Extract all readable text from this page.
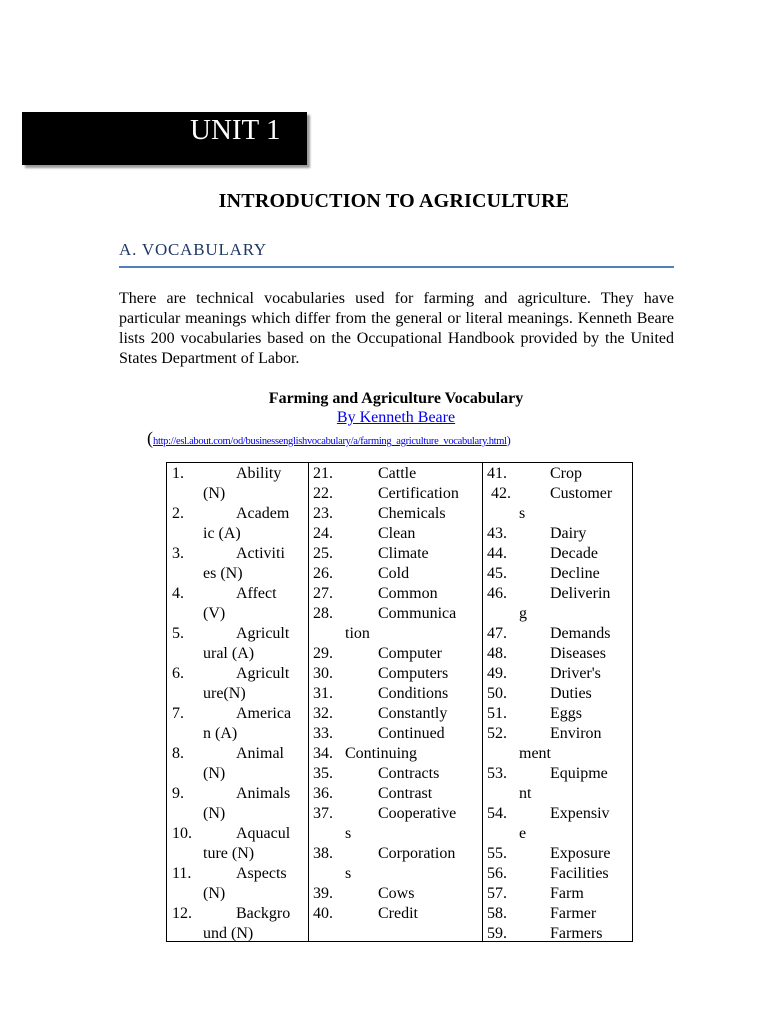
UNIT 1
INTRODUCTION TO AGRICULTURE
A. VOCABULARY

There are technical vocabularies used for farming and agriculture. They have particular meanings which differ from the general or literal meanings. Kenneth Beare lists 200 vocabularies based on the Occupational Handbook provided by the United States Department of Labor.

Farming and Agriculture Vocabulary
By Kenneth Beare
(http://esl.about.com/od/businessenglishvocabulary/a/farming_agriculture_vocabulary.html)
1.	Ability
(N)
2.	Academ
ic (A)
3.	Activiti
es (N)
4.	Affect
(V)
5.	Agricult
ural (A)
6.	Agricult
ure(N)
7.	America
n (A)
8.	Animal
(N)
9.	Animals
(N)
10.	Aquacul
ture (N)
11.	Aspects
(N)
12.	Backgro
und (N)
21.	Cattle
22.	Certification
23.	Chemicals
24.	Clean
25.	Climate
26.	Cold
27.	Common
28.	Communica
tion
29.	Computer
30.	Computers
31.	Conditions
32.	Constantly
33.	Continued
34. Continuing
35.	Contracts
36.	Contrast
37.	Cooperative
s
38.	Corporation
s
39.	Cows
40.	Credit
41.	Crop
42. Customer
s
43.	Dairy
44.	Decade
45.	Decline
46.	Deliverin
g
47.	Demands
48.	Diseases
49.	Driver's
50.	Duties
51.	Eggs
52.	Environ
ment
53.	Equipme
nt
54.	Expensiv
e
55.	Exposure
56.	Facilities
57.	Farm
58.	Farmer
59.	Farmers
